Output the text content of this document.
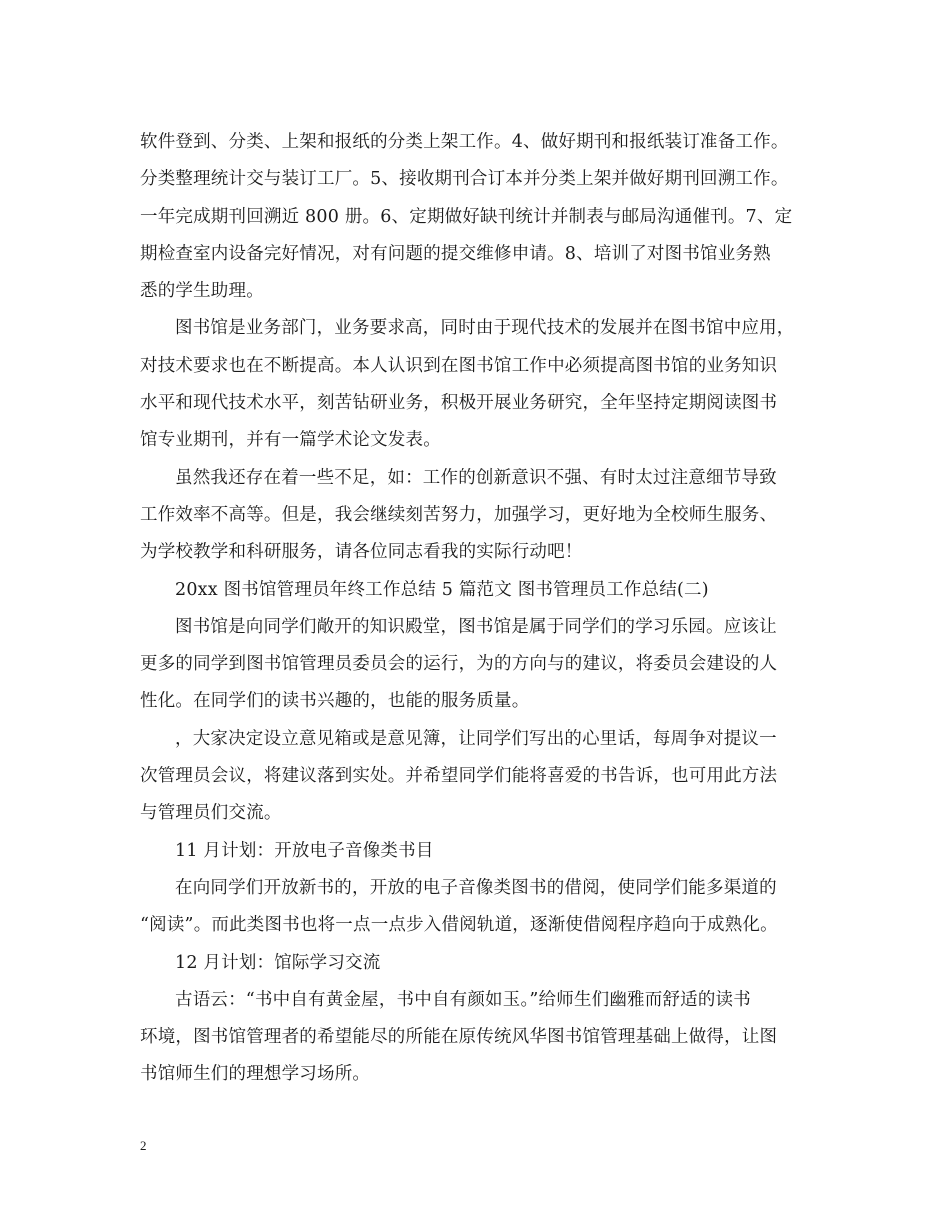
软件登到、分类、上架和报纸的分类上架工作。4、做好期刊和报纸装订准备工作。
分类整理统计交与装订工厂。5、接收期刊合订本并分类上架并做好期刊回溯工作。
一年完成期刊回溯近 800 册。6、定期做好缺刊统计并制表与邮局沟通催刊。7、定
期检查室内设备完好情况，对有问题的提交维修申请。8、培训了对图书馆业务熟
悉的学生助理。
图书馆是业务部门，业务要求高，同时由于现代技术的发展并在图书馆中应用，
对技术要求也在不断提高。本人认识到在图书馆工作中必须提高图书馆的业务知识
水平和现代技术水平，刻苦钻研业务，积极开展业务研究，全年坚持定期阅读图书
馆专业期刊，并有一篇学术论文发表。
虽然我还存在着一些不足，如：工作的创新意识不强、有时太过注意细节导致
工作效率不高等。但是，我会继续刻苦努力，加强学习，更好地为全校师生服务、
为学校教学和科研服务，请各位同志看我的实际行动吧！
20xx 图书馆管理员年终工作总结 5 篇范文 图书管理员工作总结(二)
图书馆是向同学们敞开的知识殿堂，图书馆是属于同学们的学习乐园。应该让
更多的同学到图书馆管理员委员会的运行，为的方向与的建议，将委员会建设的人
性化。在同学们的读书兴趣的，也能的服务质量。
，大家决定设立意见箱或是意见簿，让同学们写出的心里话，每周争对提议一
次管理员会议，将建议落到实处。并希望同学们能将喜爱的书告诉，也可用此方法
与管理员们交流。
11 月计划：开放电子音像类书目
在向同学们开放新书的，开放的电子音像类图书的借阅，使同学们能多渠道的
“阅读”。而此类图书也将一点一点步入借阅轨道，逐渐使借阅程序趋向于成熟化。
12 月计划：馆际学习交流
古语云：“书中自有黄金屋，书中自有颜如玉。”给师生们幽雅而舒适的读书
环境，图书馆管理者的希望能尽的所能在原传统风华图书馆管理基础上做得，让图
书馆师生们的理想学习场所。
2
